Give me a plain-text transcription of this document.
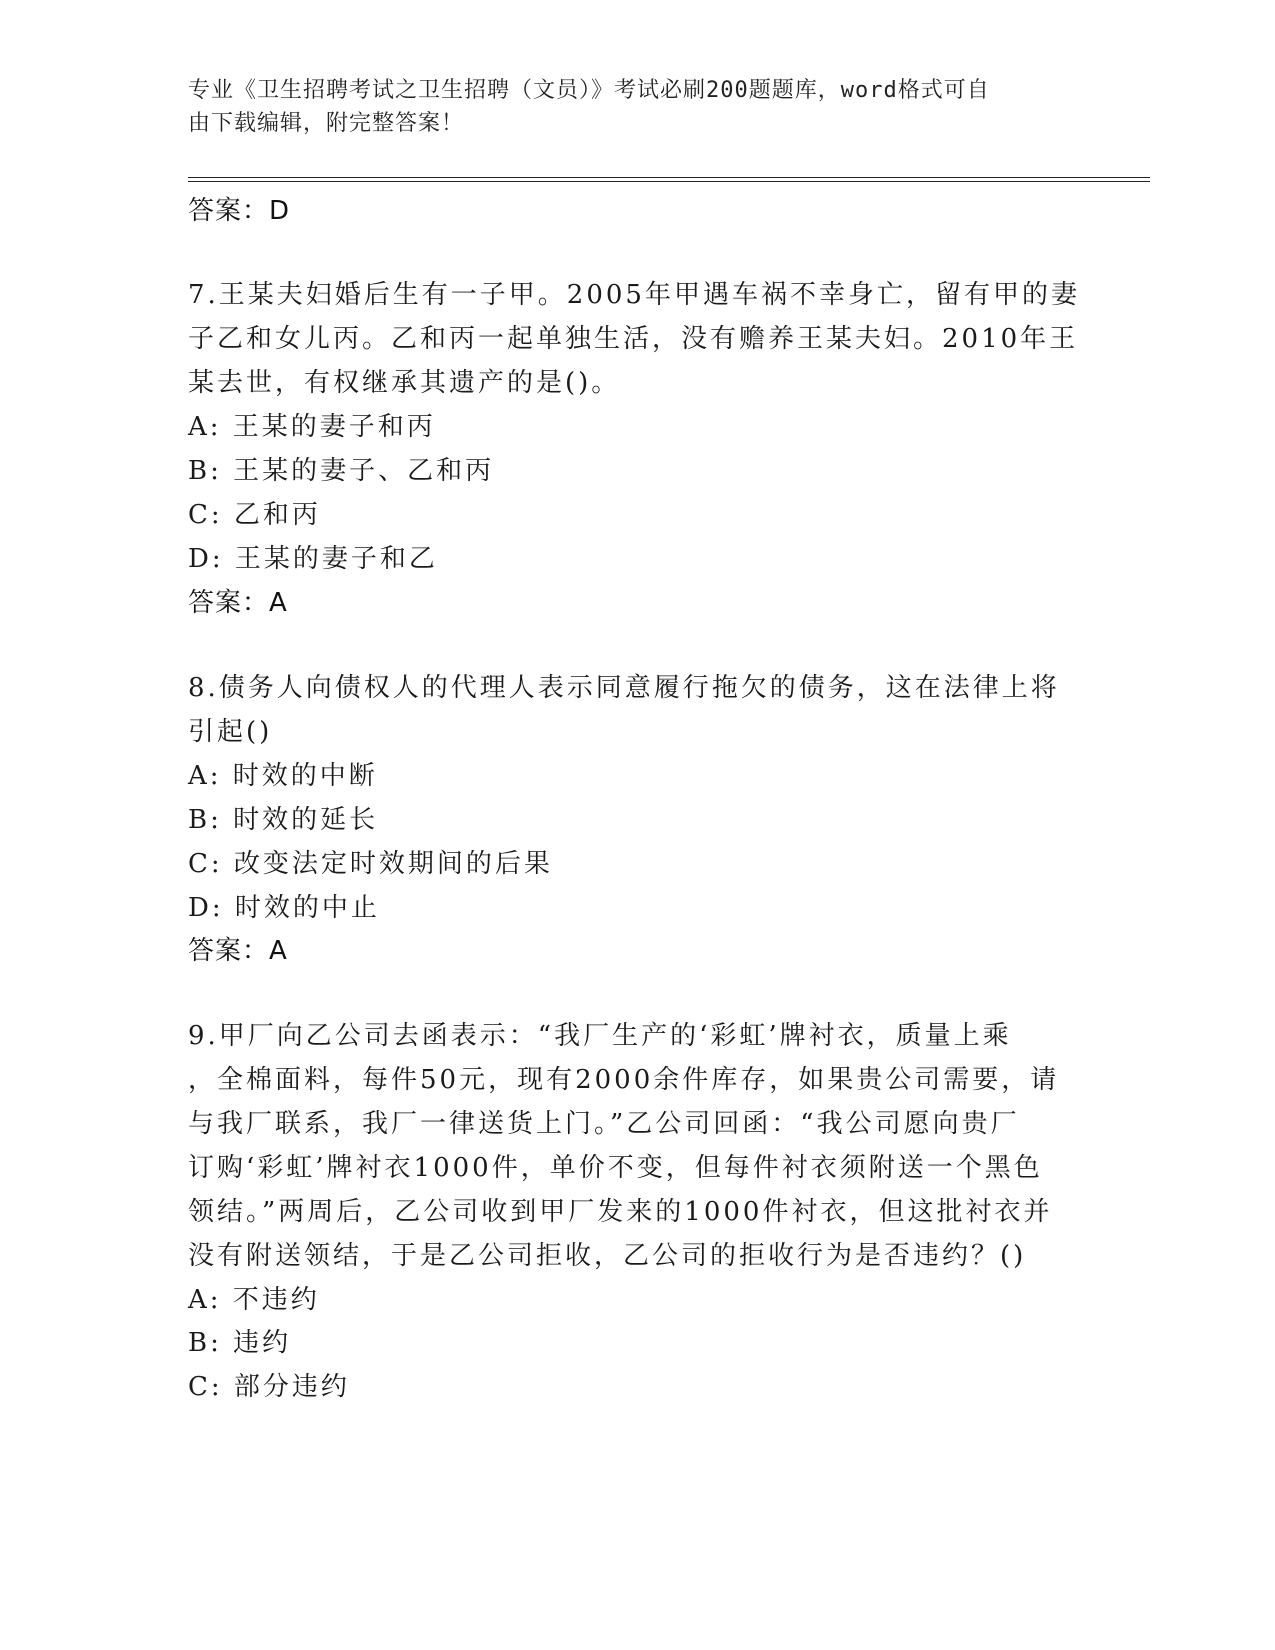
专业《卫生招聘考试之卫生招聘（文员）》考试必刷200题题库，word格式可自
由下载编辑，附完整答案！
答案：D
7.王某夫妇婚后生有一子甲。2005年甲遇车祸不幸身亡，留有甲的妻
子乙和女儿丙。乙和丙一起单独生活，没有赡养王某夫妇。2010年王
某去世，有权继承其遗产的是()。
A: 王某的妻子和丙
B: 王某的妻子、乙和丙
C: 乙和丙
D: 王某的妻子和乙
答案：A
8.债务人向债权人的代理人表示同意履行拖欠的债务，这在法律上将
引起()
A: 时效的中断
B: 时效的延长
C: 改变法定时效期间的后果
D: 时效的中止
答案：A
9.甲厂向乙公司去函表示：“我厂生产的‘彩虹’牌衬衣，质量上乘
，全棉面料，每件50元，现有2000余件库存，如果贵公司需要，请
与我厂联系，我厂一律送货上门。”乙公司回函：“我公司愿向贵厂
订购‘彩虹’牌衬衣1000件，单价不变，但每件衬衣须附送一个黑色
领结。”两周后，乙公司收到甲厂发来的1000件衬衣，但这批衬衣并
没有附送领结，于是乙公司拒收，乙公司的拒收行为是否违约？()
A: 不违约
B: 违约
C: 部分违约
